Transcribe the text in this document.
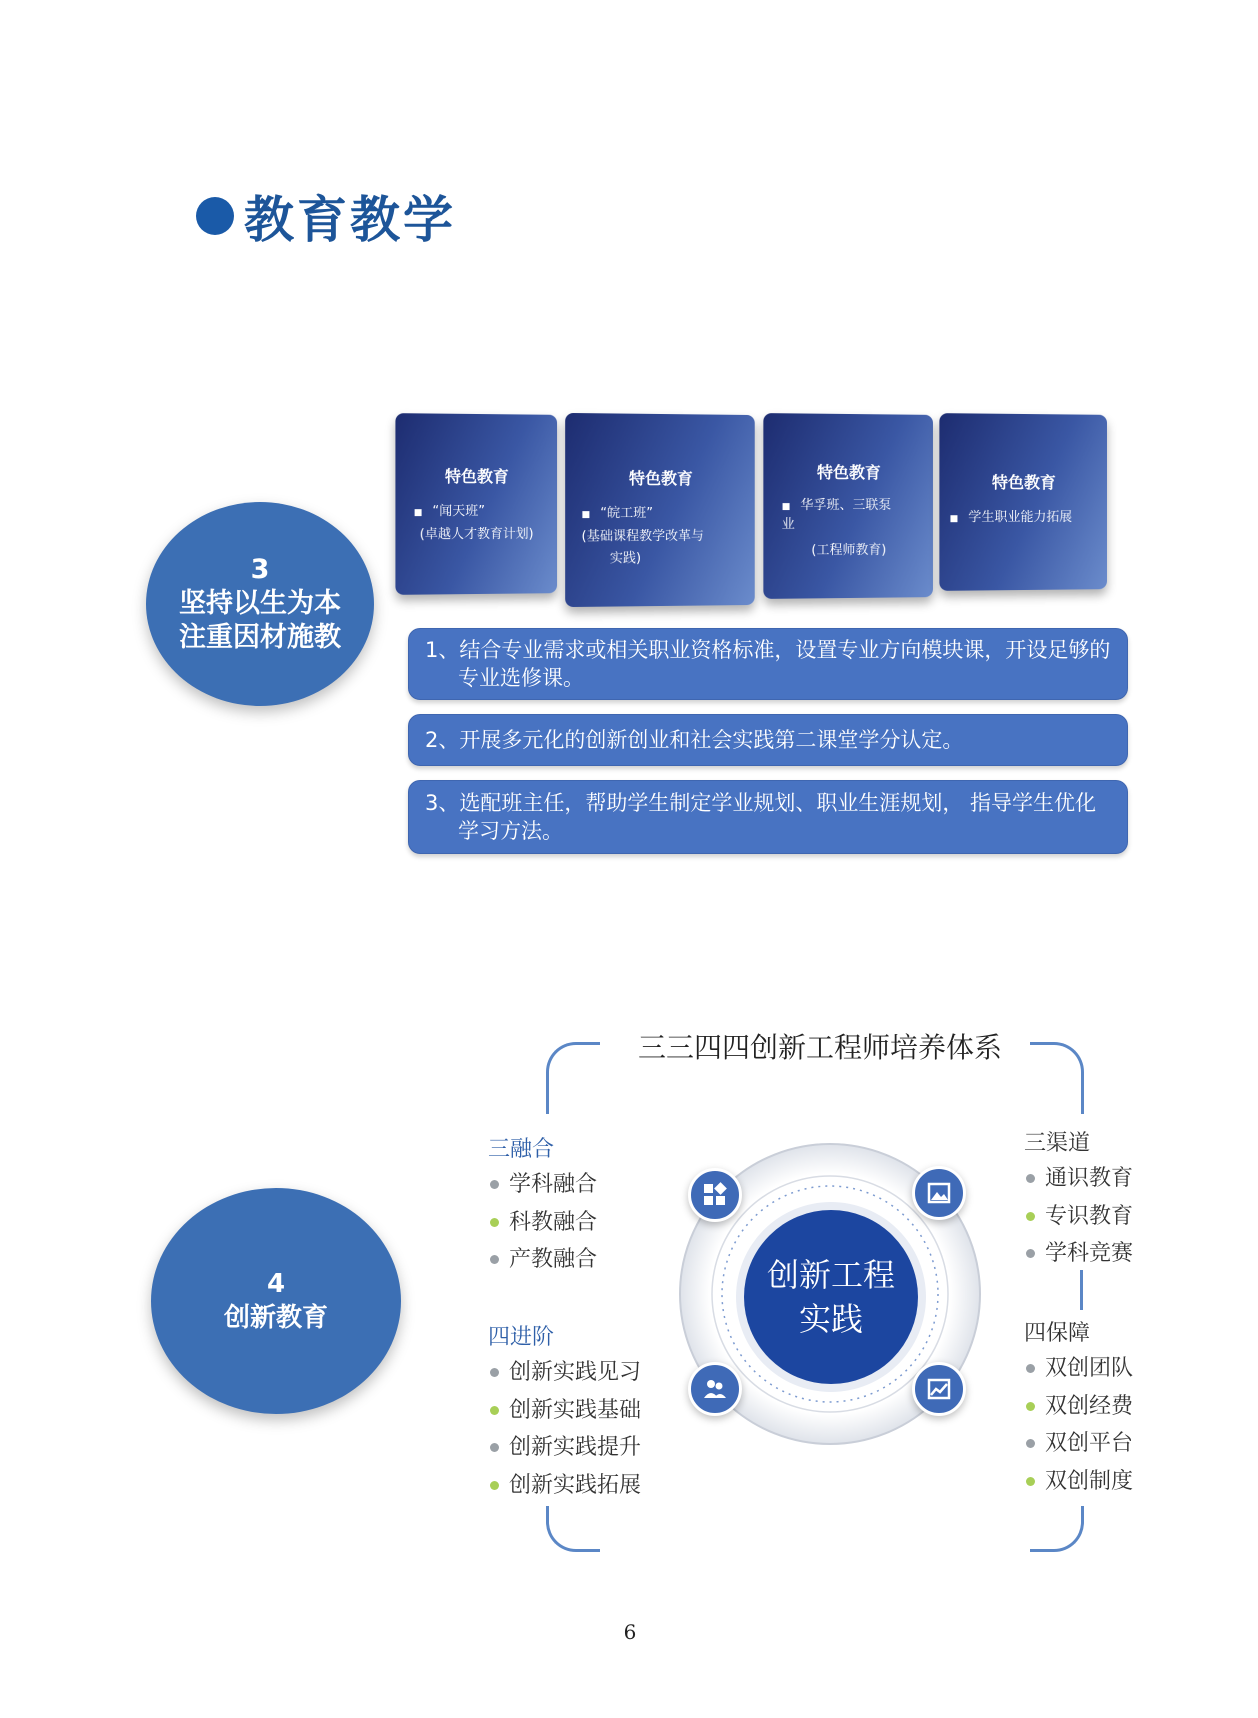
教育教学
3
坚持以生为本
注重因材施教
特色教育
■ “闻天班”
(卓越人才教育计划)
特色教育
■ “皖工班”
(基础课程教学改革与
实践)
特色教育
■ 华孚班、三联泵
业
(工程师教育)
特色教育
■ 学生职业能力拓展
1、结合专业需求或相关职业资格标准，设置专业方向模块课，开设足够的专业选修课。
2、开展多元化的创新创业和社会实践第二课堂学分认定。
3、选配班主任，帮助学生制定学业规划、职业生涯规划， 指导学生优化学习方法。
4
创新教育
三三四四创新工程师培养体系
三融合
学科融合
科教融合
产教融合
四进阶
创新实践见习
创新实践基础
创新实践提升
创新实践拓展
三渠道
通识教育
专识教育
学科竞赛
四保障
双创团队
双创经费
双创平台
双创制度
创新工程
实践
6
